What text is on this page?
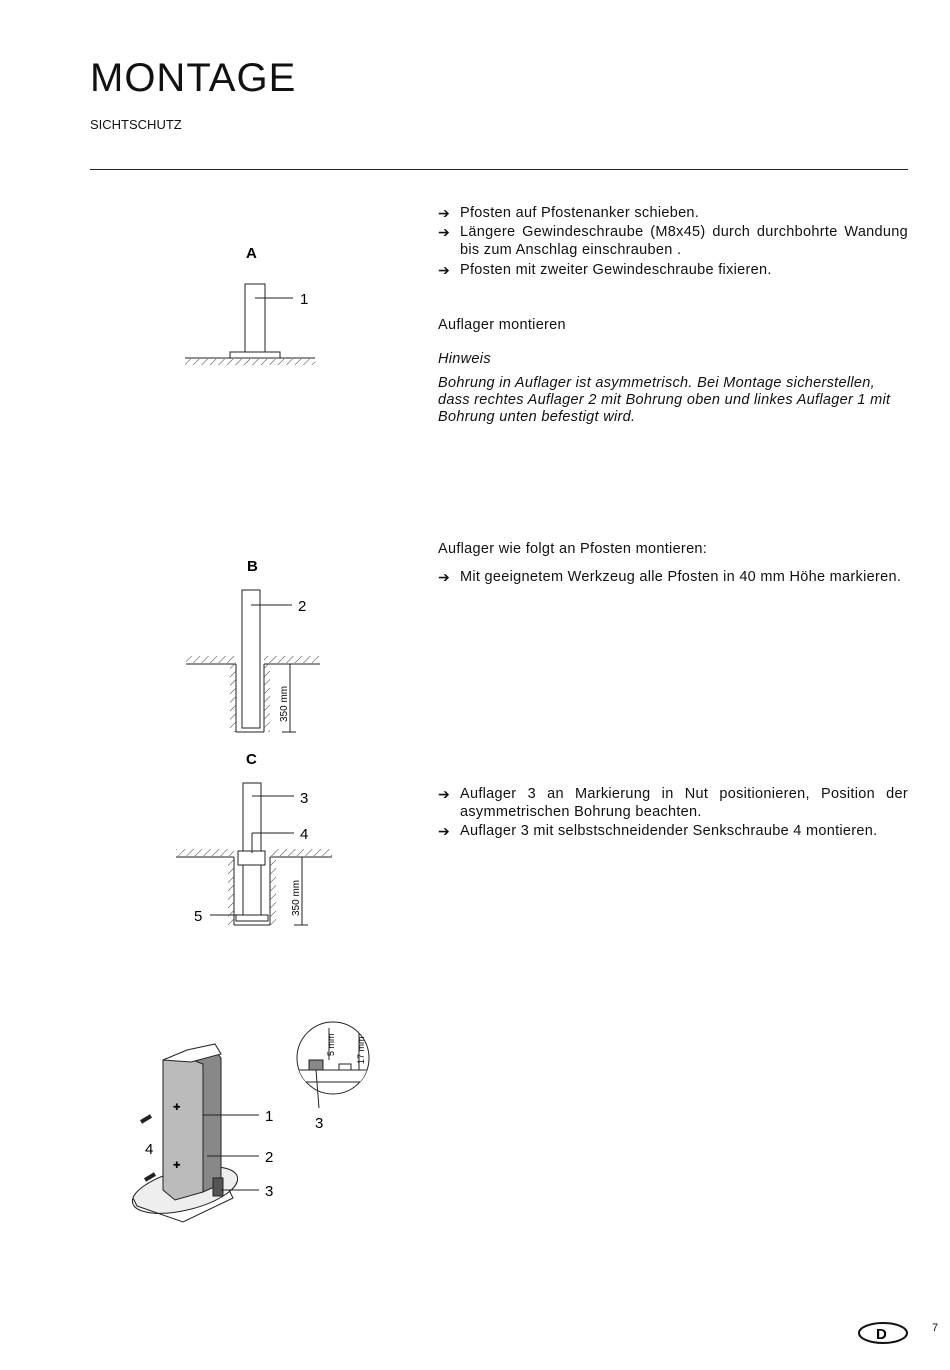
MONTAGE
SICHTSCHUTZ
➔ Pfosten auf Pfostenanker schieben.
➔ Längere Gewindeschraube (M8x45) durch durchbohrte Wandung bis zum Anschlag einschrauben .
➔ Pfosten mit zweiter Gewindeschraube fixieren.
Auflager montieren
Hinweis
Bohrung in Auflager ist asymmetrisch. Bei Montage sicherstellen, dass rechtes Auflager 2 mit Bohrung oben und linkes Auflager 1 mit Bohrung unten befestigt wird.
Auflager wie folgt an Pfosten montieren:
➔ Mit geeignetem Werkzeug alle Pfosten in 40 mm Höhe markieren.
➔ Auflager 3 an Markierung in Nut positionieren, Position der asymmetrischen Bohrung beachten.
➔ Auflager 3 mit selbstschneidender Senkschraube 4 montieren.
A
1
B
2
350 mm
C
3
4
5
350 mm
✚
✚
1
2
3
4
5 mm 17 mm
3
D	7
